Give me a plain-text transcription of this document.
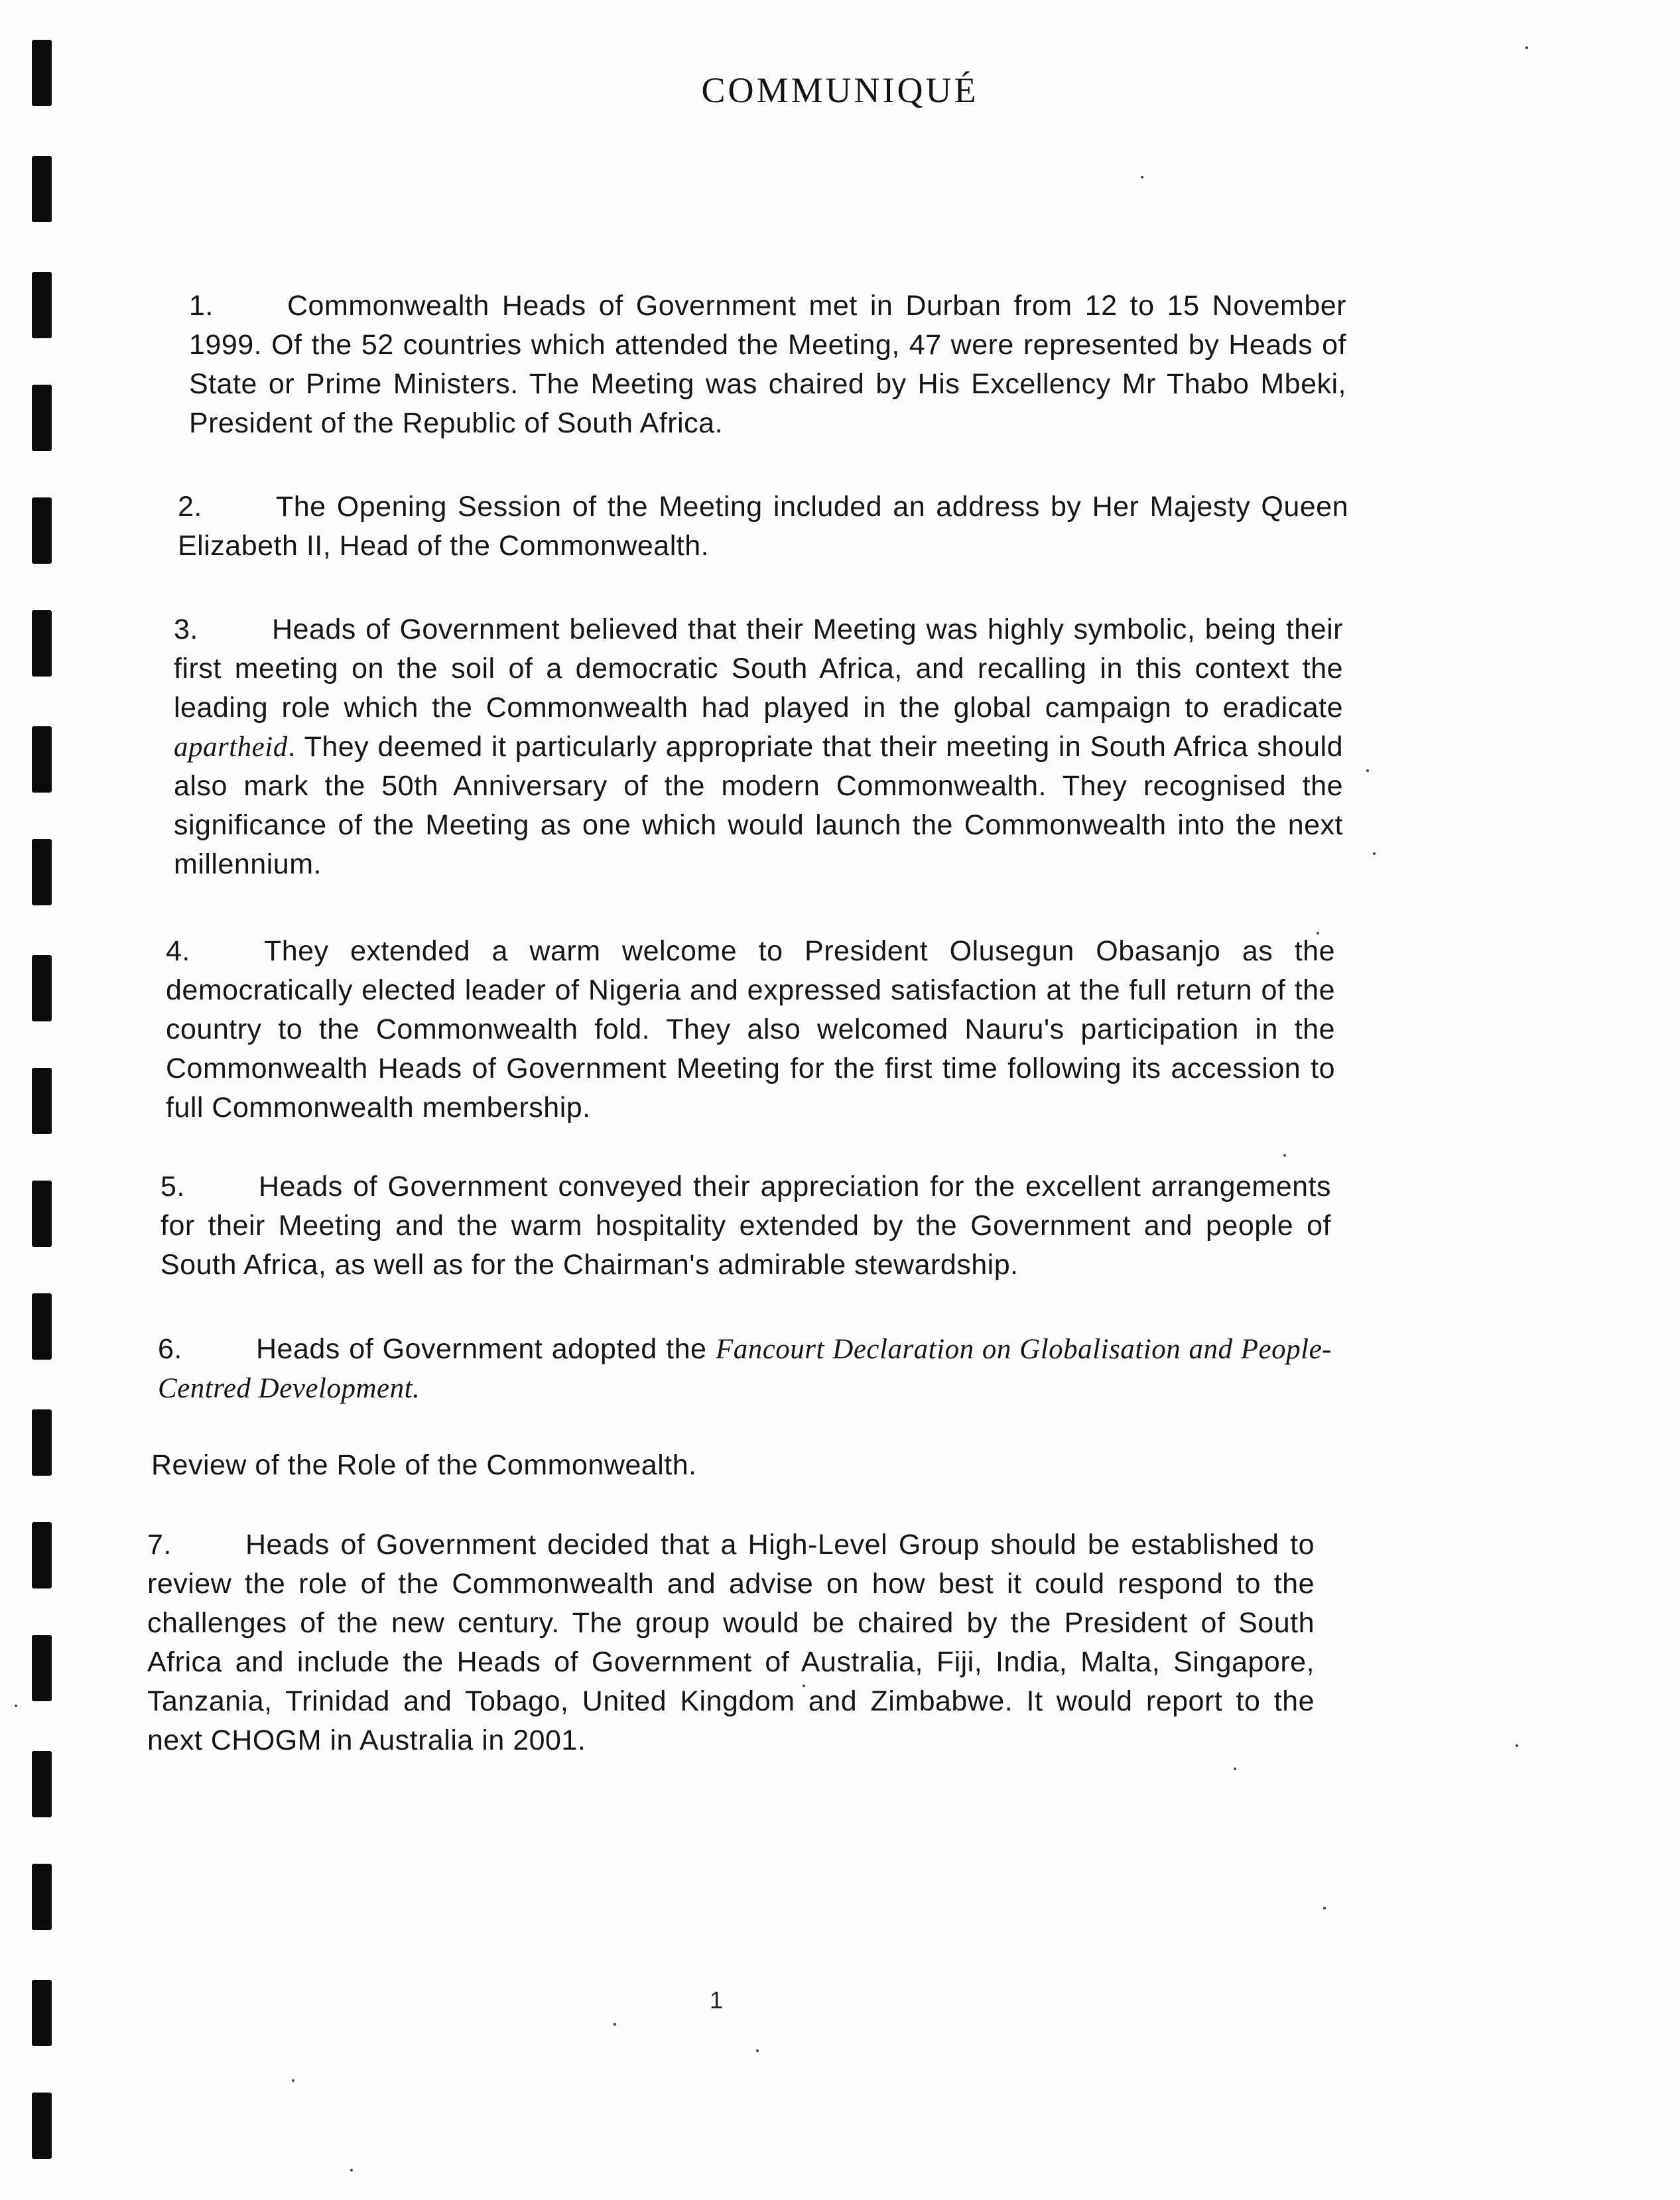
COMMUNIQUÉ
1.	Commonwealth Heads of Government met in Durban from 12 to 15 November 1999. Of the 52 countries which attended the Meeting, 47 were represented by Heads of State or Prime Ministers. The Meeting was chaired by His Excellency Mr Thabo Mbeki, President of the Republic of South Africa.
2.	The Opening Session of the Meeting included an address by Her Majesty Queen Elizabeth II, Head of the Commonwealth.
3.	Heads of Government believed that their Meeting was highly symbolic, being their first meeting on the soil of a democratic South Africa, and recalling in this context the leading role which the Commonwealth had played in the global campaign to eradicate apartheid. They deemed it particularly appropriate that their meeting in South Africa should also mark the 50th Anniversary of the modern Commonwealth. They recognised the significance of the Meeting as one which would launch the Commonwealth into the next millennium.
4.	They extended a warm welcome to President Olusegun Obasanjo as the democratically elected leader of Nigeria and expressed satisfaction at the full return of the country to the Commonwealth fold. They also welcomed Nauru's participation in the Commonwealth Heads of Government Meeting for the first time following its accession to full Commonwealth membership.
5.	Heads of Government conveyed their appreciation for the excellent arrangements for their Meeting and the warm hospitality extended by the Government and people of South Africa, as well as for the Chairman's admirable stewardship.
6.	Heads of Government adopted the Fancourt Declaration on Globalisation and People-Centred Development.
Review of the Role of the Commonwealth.
7.	Heads of Government decided that a High-Level Group should be established to review the role of the Commonwealth and advise on how best it could respond to the challenges of the new century. The group would be chaired by the President of South Africa and include the Heads of Government of Australia, Fiji, India, Malta, Singapore, Tanzania, Trinidad and Tobago, United Kingdom and Zimbabwe. It would report to the next CHOGM in Australia in 2001.
1
